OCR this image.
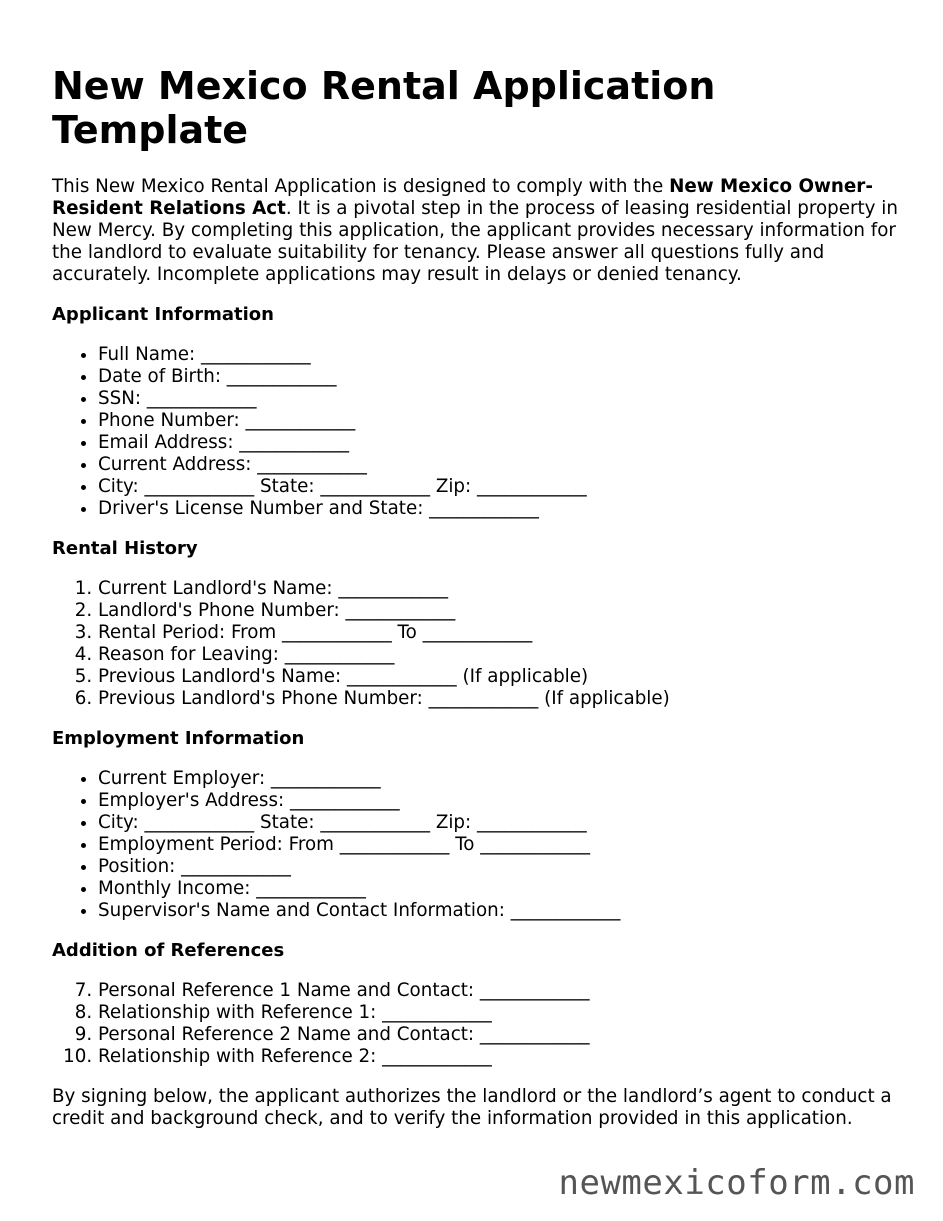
New Mexico Rental Application Template

This New Mexico Rental Application is designed to comply with the New Mexico Owner-Resident Relations Act. It is a pivotal step in the process of leasing residential property in New Mercy. By completing this application, the applicant provides necessary information for the landlord to evaluate suitability for tenancy. Please answer all questions fully and accurately. Incomplete applications may result in delays or denied tenancy.

Applicant Information
• Full Name: ____________
• Date of Birth: ____________
• SSN: ____________
• Phone Number: ____________
• Email Address: ____________
• Current Address: ____________
• City: ____________ State: ____________ Zip: ____________
• Driver's License Number and State: ____________
Rental History
1. Current Landlord's Name: ____________
2. Landlord's Phone Number: ____________
3. Rental Period: From ____________ To ____________
4. Reason for Leaving: ____________
5. Previous Landlord's Name: ____________ (If applicable)
6. Previous Landlord's Phone Number: ____________ (If applicable)
Employment Information
• Current Employer: ____________
• Employer's Address: ____________
• City: ____________ State: ____________ Zip: ____________
• Employment Period: From ____________ To ____________
• Position: ____________
• Monthly Income: ____________
• Supervisor's Name and Contact Information: ____________
Addition of References
7. Personal Reference 1 Name and Contact: ____________
8. Relationship with Reference 1: ____________
9. Personal Reference 2 Name and Contact: ____________
10. Relationship with Reference 2: ____________

By signing below, the applicant authorizes the landlord or the landlord’s agent to conduct a credit and background check, and to verify the information provided in this application.

newmexicoform.com
